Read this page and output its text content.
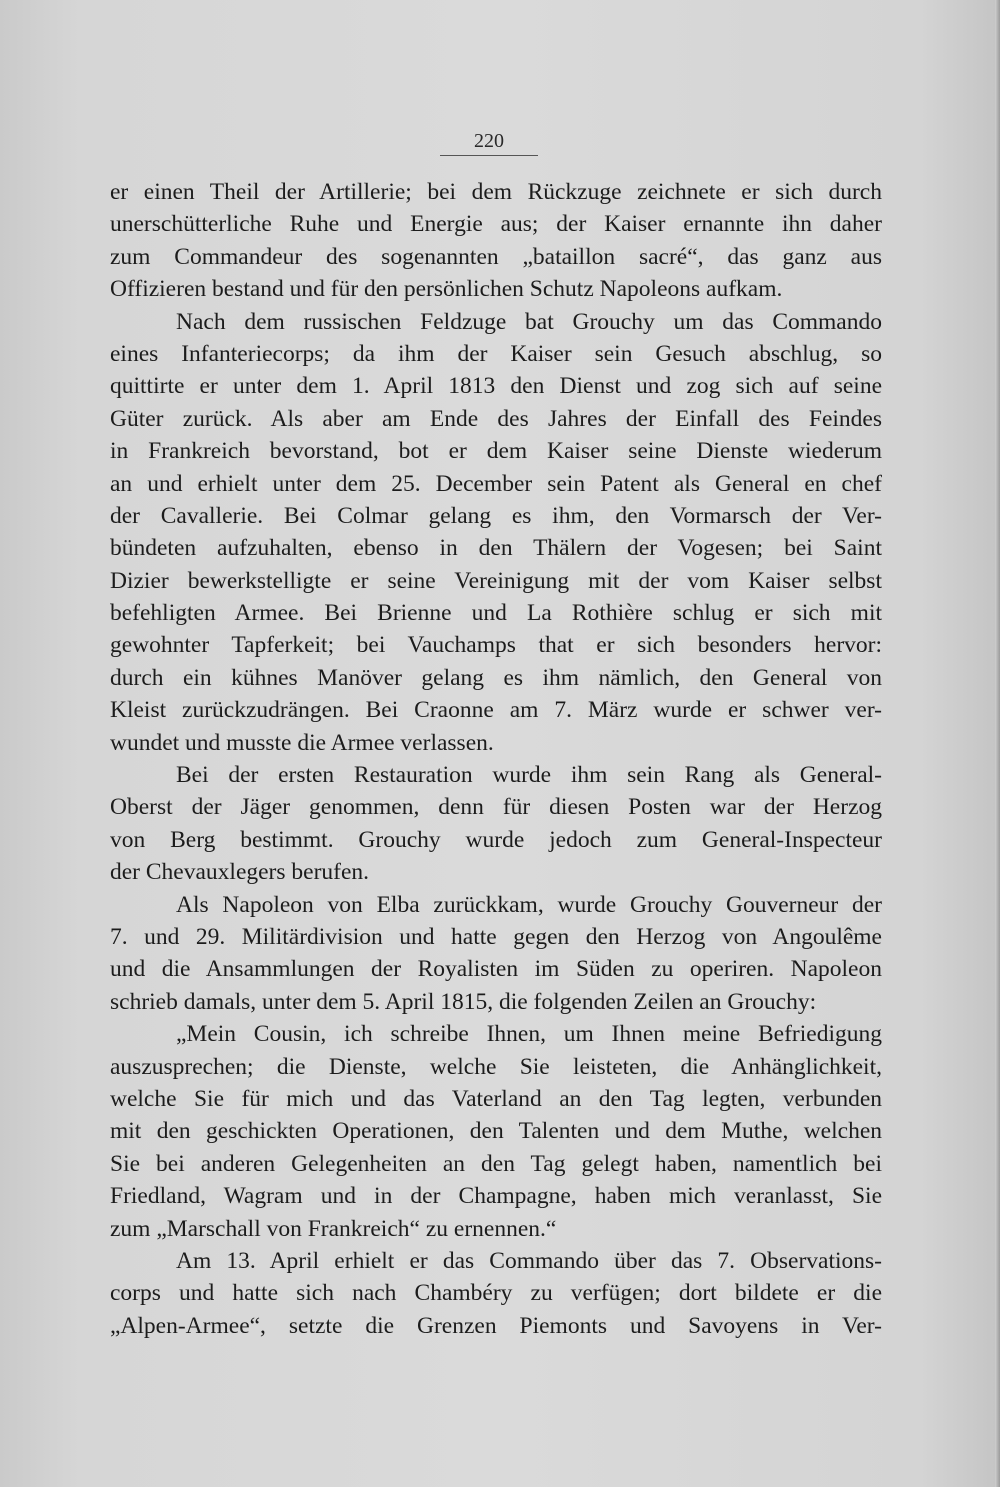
220
er einen Theil der Artillerie; bei dem Rückzuge zeichnete er sich durch
unerschütterliche Ruhe und Energie aus; der Kaiser ernannte ihn daher
zum Commandeur des sogenannten „bataillon sacré“, das ganz aus
Offizieren bestand und für den persönlichen Schutz Napoleons aufkam.
Nach dem russischen Feldzuge bat Grouchy um das Commando
eines Infanteriecorps; da ihm der Kaiser sein Gesuch abschlug, so
quittirte er unter dem 1. April 1813 den Dienst und zog sich auf seine
Güter zurück. Als aber am Ende des Jahres der Einfall des Feindes
in Frankreich bevorstand, bot er dem Kaiser seine Dienste wiederum
an und erhielt unter dem 25. December sein Patent als General en chef
der Cavallerie. Bei Colmar gelang es ihm, den Vormarsch der Ver-
bündeten aufzuhalten, ebenso in den Thälern der Vogesen; bei Saint
Dizier bewerkstelligte er seine Vereinigung mit der vom Kaiser selbst
befehligten Armee. Bei Brienne und La Rothière schlug er sich mit
gewohnter Tapferkeit; bei Vauchamps that er sich besonders hervor:
durch ein kühnes Manöver gelang es ihm nämlich, den General von
Kleist zurückzudrängen. Bei Craonne am 7. März wurde er schwer ver-
wundet und musste die Armee verlassen.
Bei der ersten Restauration wurde ihm sein Rang als General-
Oberst der Jäger genommen, denn für diesen Posten war der Herzog
von Berg bestimmt. Grouchy wurde jedoch zum General-Inspecteur
der Chevauxlegers berufen.
Als Napoleon von Elba zurückkam, wurde Grouchy Gouverneur der
7. und 29. Militärdivision und hatte gegen den Herzog von Angoulême
und die Ansammlungen der Royalisten im Süden zu operiren. Napoleon
schrieb damals, unter dem 5. April 1815, die folgenden Zeilen an Grouchy:
„Mein Cousin, ich schreibe Ihnen, um Ihnen meine Befriedigung
auszusprechen; die Dienste, welche Sie leisteten, die Anhänglichkeit,
welche Sie für mich und das Vaterland an den Tag legten, verbunden
mit den geschickten Operationen, den Talenten und dem Muthe, welchen
Sie bei anderen Gelegenheiten an den Tag gelegt haben, namentlich bei
Friedland, Wagram und in der Champagne, haben mich veranlasst, Sie
zum „Marschall von Frankreich“ zu ernennen.“
Am 13. April erhielt er das Commando über das 7. Observations-
corps und hatte sich nach Chambéry zu verfügen; dort bildete er die
„Alpen-Armee“, setzte die Grenzen Piemonts und Savoyens in Ver-
